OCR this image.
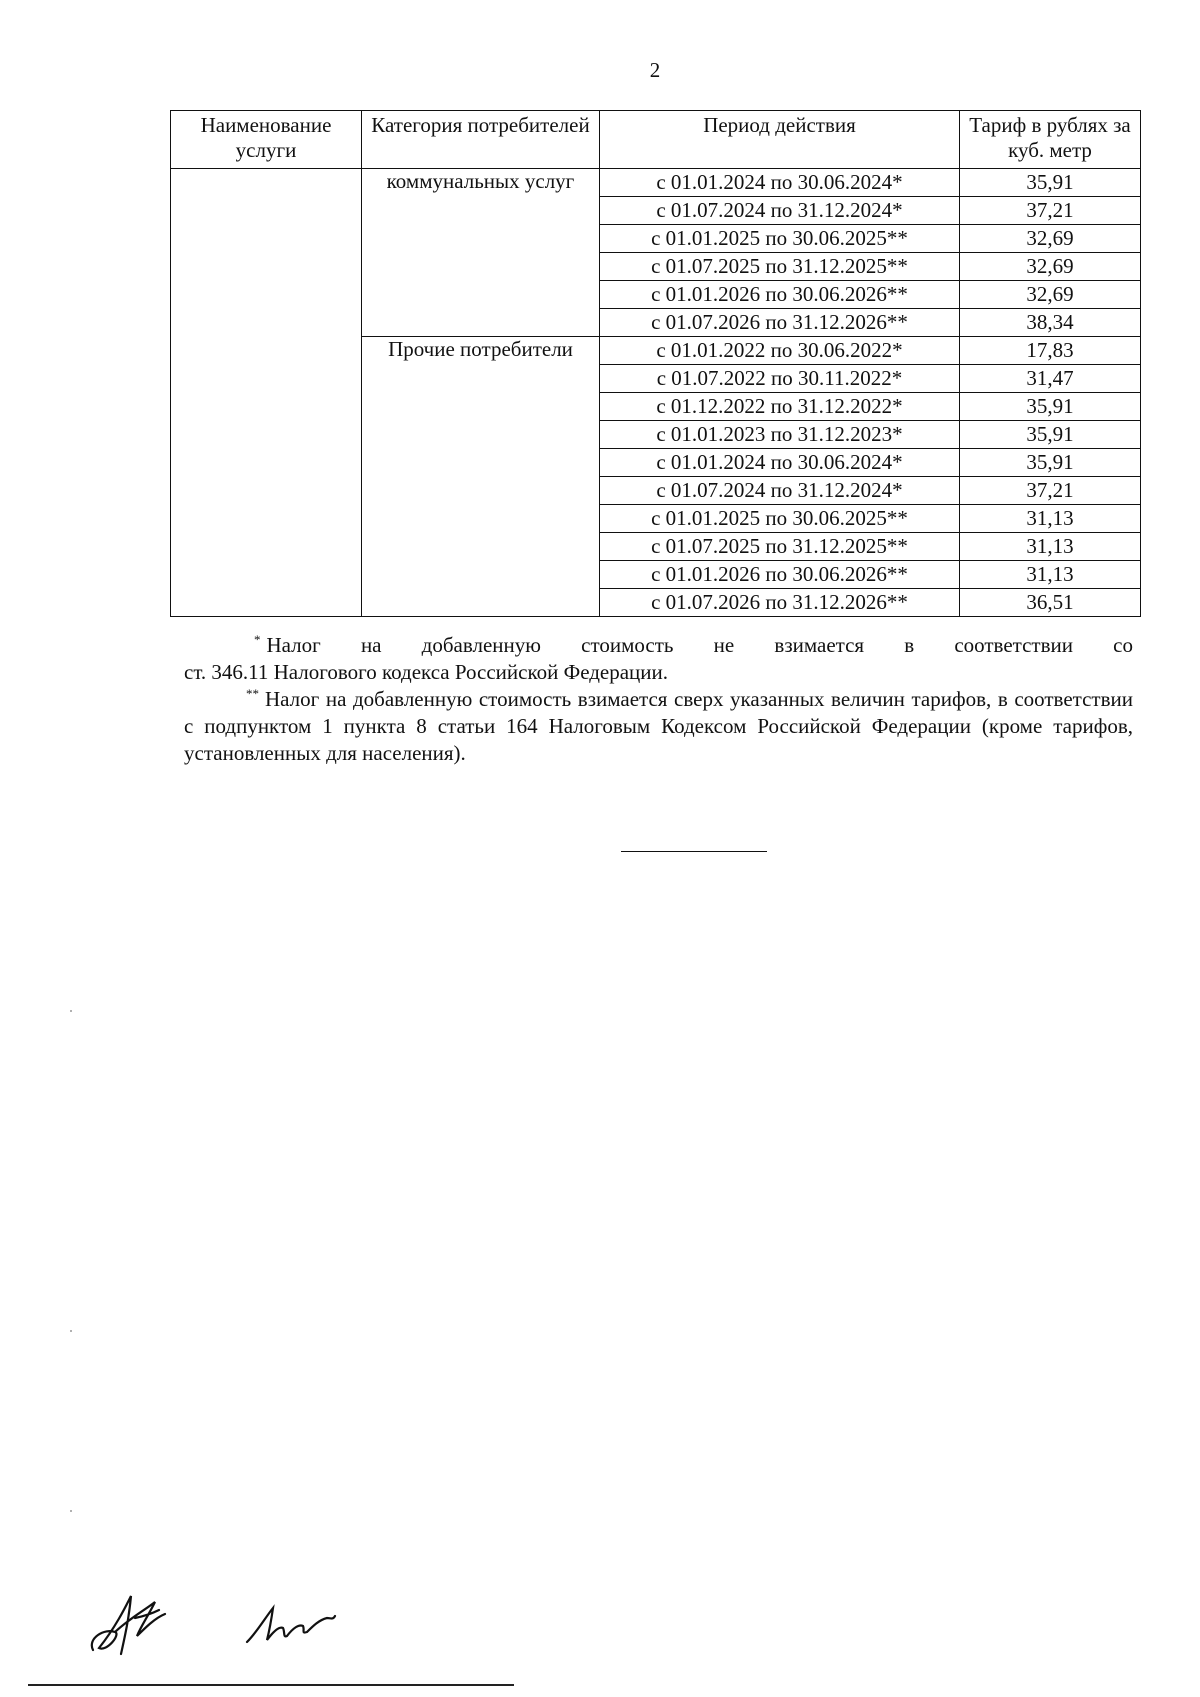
2
Наименование услуги	Категория потребителей	Период действия	Тариф в рублях за куб. метр
	коммунальных услуг	с 01.01.2024 по 30.06.2024*	35,91
		с 01.07.2024 по 31.12.2024*	37,21
		с 01.01.2025 по 30.06.2025**	32,69
		с 01.07.2025 по 31.12.2025**	32,69
		с 01.01.2026 по 30.06.2026**	32,69
		с 01.07.2026 по 31.12.2026**	38,34
	Прочие потребители	с 01.01.2022 по 30.06.2022*	17,83
		с 01.07.2022 по 30.11.2022*	31,47
		с 01.12.2022 по 31.12.2022*	35,91
		с 01.01.2023 по 31.12.2023*	35,91
		с 01.01.2024 по 30.06.2024*	35,91
		с 01.07.2024 по 31.12.2024*	37,21
		с 01.01.2025 по 30.06.2025**	31,13
		с 01.07.2025 по 31.12.2025**	31,13
		с 01.01.2026 по 30.06.2026**	31,13
		с 01.07.2026 по 31.12.2026**	36,51

* Налог на добавленную стоимость не взимается в соответствии со

ст. 346.11 Налогового кодекса Российской Федерации.

** Налог на добавленную стоимость взимается сверх указанных величин тарифов, в соответствии с подпунктом 1 пункта 8 статьи 164 Налоговым Кодексом Российской Федерации (кроме тарифов, установленных для населения).
